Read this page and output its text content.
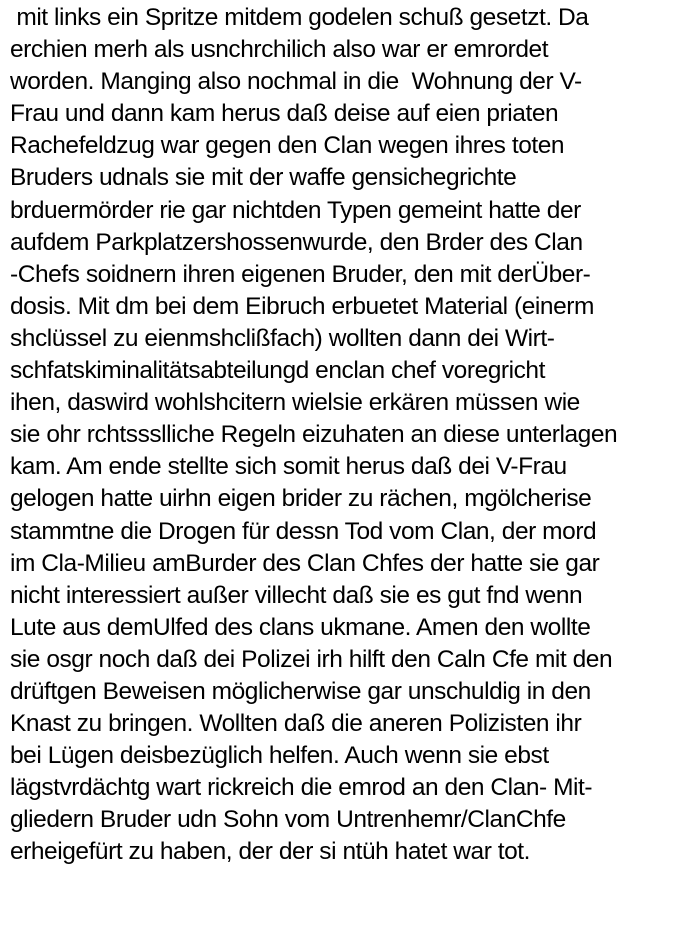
mit links ein Spritze mitdem godelen schuß gesetzt. Da
erchien merh als usnchrchilich also war er emrordet
worden. Manging also nochmal in die  Wohnung der V-
Frau und dann kam herus daß deise auf eien priaten
Rachefeldzug war gegen den Clan wegen ihres toten
Bruders udnals sie mit der waffe gensichegrichte
brduermörder rie gar nichtden Typen gemeint hatte der
aufdem Parkplatzershossenwurde, den Brder des Clan
-Chefs soidnern ihren eigenen Bruder, den mit derÜber-
dosis. Mit dm bei dem Eibruch erbuetet Material (einerm
shclüssel zu eienmshclißfach) wollten dann dei Wirt-
schfatskiminalitätsabteilungd enclan chef voregricht
ihen, daswird wohlshcitern wielsie erkären müssen wie
sie ohr rchtssslliche Regeln eizuhaten an diese unterlagen
kam. Am ende stellte sich somit herus daß dei V-Frau
gelogen hatte uirhn eigen brider zu rächen, mgölcherise
stammtne die Drogen für dessn Tod vom Clan, der mord
im Cla-Milieu amBurder des Clan Chfes der hatte sie gar
nicht interessiert außer villecht daß sie es gut fnd wenn
Lute aus demUlfed des clans ukmane. Amen den wollte
sie osgr noch daß dei Polizei irh hilft den Caln Cfe mit den
drüftgen Beweisen möglicherwise gar unschuldig in den
Knast zu bringen. Wollten daß die aneren Polizisten ihr
bei Lügen deisbezüglich helfen. Auch wenn sie ebst
lägstvrdächtg wart rickreich die emrod an den Clan- Mit-
gliedern Bruder udn Sohn vom Untrenhemr/ClanChfe
erheigefürt zu haben, der der si ntüh hatet war tot.
